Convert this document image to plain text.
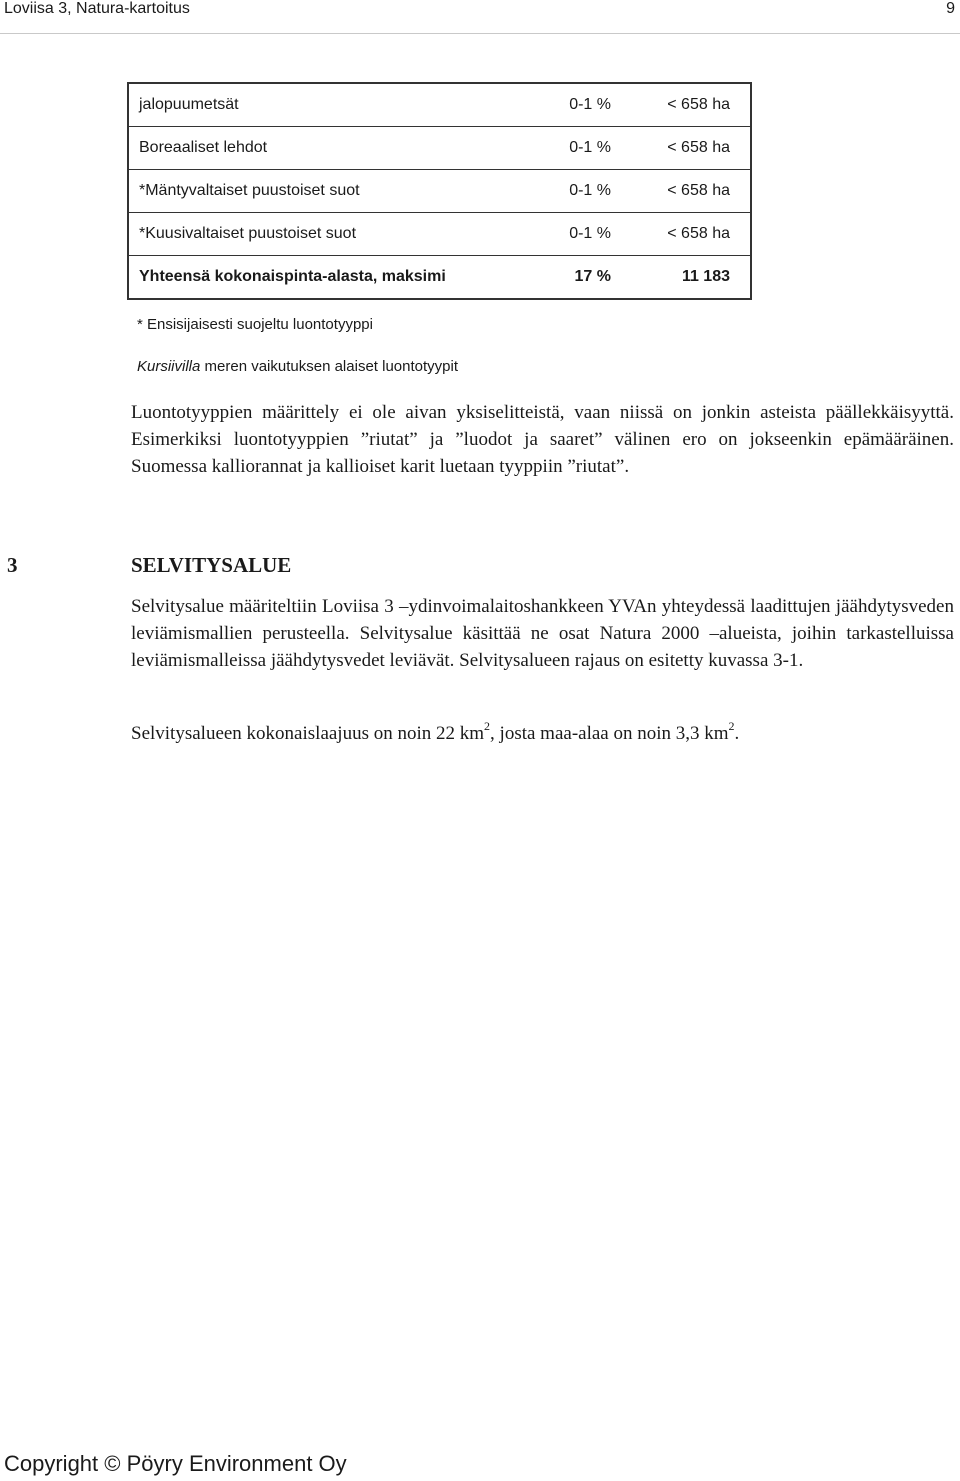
Loviisa 3, Natura-kartoitus	9
jalopuumetsät	0-1 %	< 658 ha
Boreaaliset lehdot	0-1 %	< 658 ha
*Mäntyvaltaiset puustoiset suot	0-1 %	< 658 ha
*Kuusivaltaiset puustoiset suot	0-1 %	< 658 ha
Yhteensä kokonaispinta-alasta, maksimi	17 %	11 183
* Ensisijaisesti suojeltu luontotyyppi
Kursiivilla meren vaikutuksen alaiset luontotyypit
Luontotyyppien määrittely ei ole aivan yksiselitteistä, vaan niissä on jonkin asteista päällekkäisyyttä. Esimerkiksi luontotyyppien ”riutat” ja ”luodot ja saaret” välinen ero on jokseenkin epämääräinen. Suomessa kalliorannat ja kallioiset karit luetaan tyyppiin ”riutat”.
3	SELVITYSALUE
Selvitysalue määriteltiin Loviisa 3 –ydinvoimalaitoshankkeen YVAn yhteydessä laadittujen jäähdytysveden leviämismallien perusteella. Selvitysalue käsittää ne osat Natura 2000 –alueista, joihin tarkastelluissa leviämismalleissa jäähdytysvedet leviävät. Selvitysalueen rajaus on esitetty kuvassa 3-1.
Selvitysalueen kokonaislaajuus on noin 22 $km^2$, josta maa-alaa on noin 3,3 $km^2$.
Copyright © Pöyry Environment Oy
